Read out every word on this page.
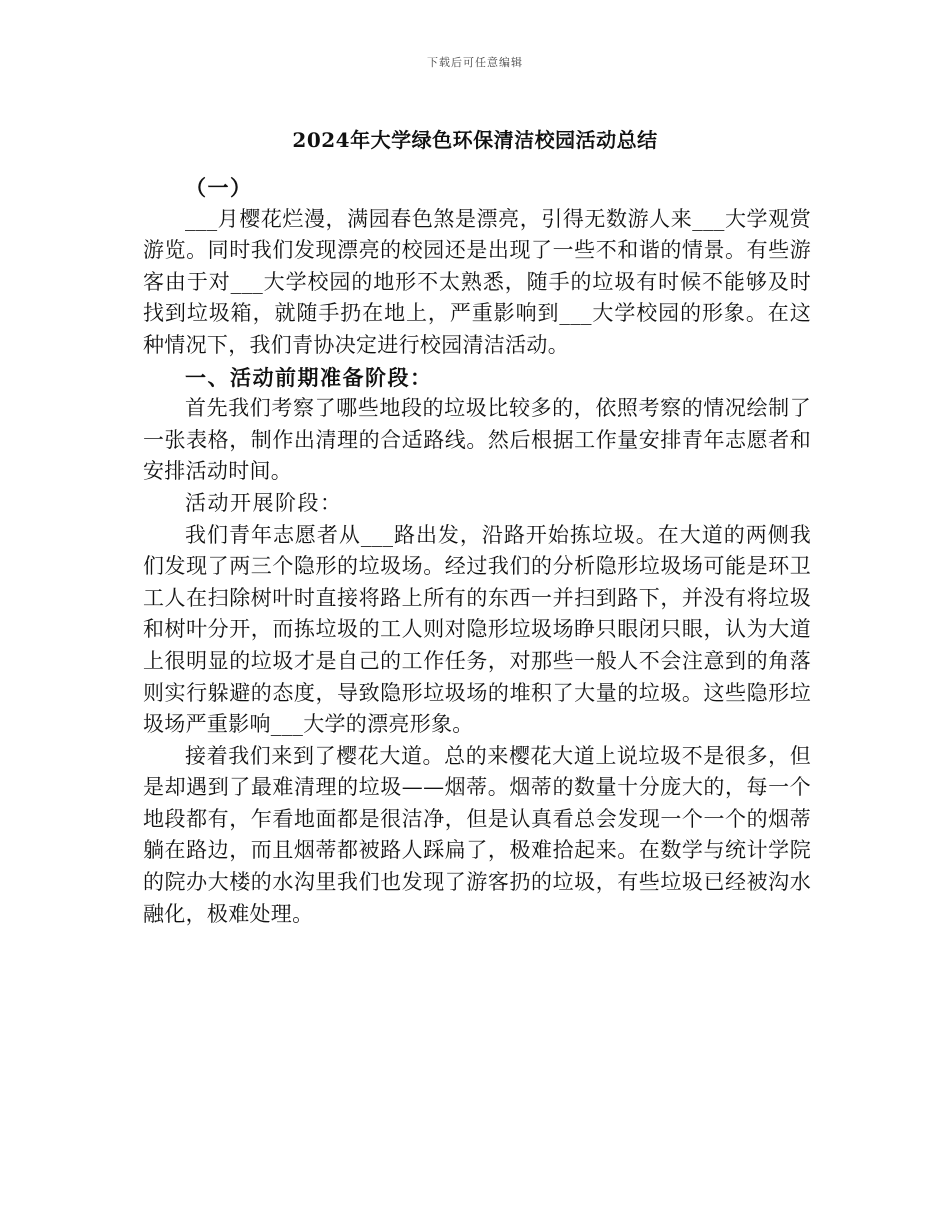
下载后可任意编辑
2024年大学绿色环保清洁校园活动总结

（一）

___月樱花烂漫，满园春色煞是漂亮，引得无数游人来___大学观赏游览。同时我们发现漂亮的校园还是出现了一些不和谐的情景。有些游客由于对___大学校园的地形不太熟悉，随手的垃圾有时候不能够及时找到垃圾箱，就随手扔在地上，严重影响到___大学校园的形象。在这种情况下，我们青协决定进行校园清洁活动。

一、活动前期准备阶段：

首先我们考察了哪些地段的垃圾比较多的，依照考察的情况绘制了一张表格，制作出清理的合适路线。然后根据工作量安排青年志愿者和安排活动时间。

活动开展阶段：

我们青年志愿者从___路出发，沿路开始拣垃圾。在大道的两侧我们发现了两三个隐形的垃圾场。经过我们的分析隐形垃圾场可能是环卫工人在扫除树叶时直接将路上所有的东西一并扫到路下，并没有将垃圾和树叶分开，而拣垃圾的工人则对隐形垃圾场睁只眼闭只眼，认为大道上很明显的垃圾才是自己的工作任务，对那些一般人不会注意到的角落则实行躲避的态度，导致隐形垃圾场的堆积了大量的垃圾。这些隐形垃圾场严重影响___大学的漂亮形象。

接着我们来到了樱花大道。总的来樱花大道上说垃圾不是很多，但是却遇到了最难清理的垃圾——烟蒂。烟蒂的数量十分庞大的，每一个地段都有，乍看地面都是很洁净，但是认真看总会发现一个一个的烟蒂躺在路边，而且烟蒂都被路人踩扁了，极难拾起来。在数学与统计学院的院办大楼的水沟里我们也发现了游客扔的垃圾，有些垃圾已经被沟水融化，极难处理。
